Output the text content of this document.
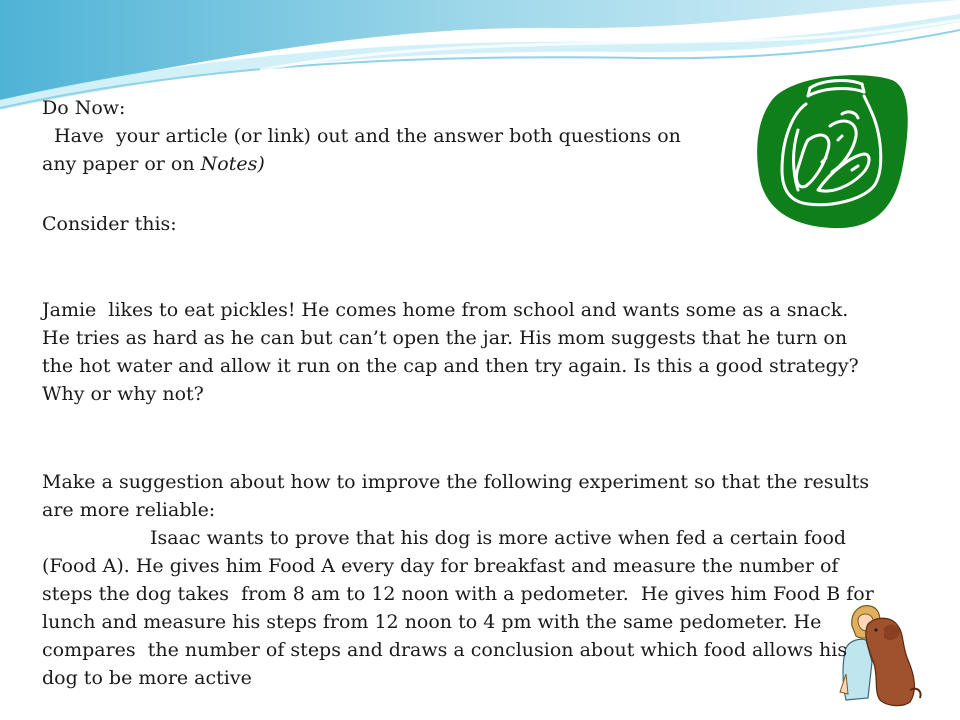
Do Now:

Have  your article (or link) out and the answer both questions on

any paper or on Notes)

Consider this:

Jamie  likes to eat pickles! He comes home from school and wants some as a snack.

He tries as hard as he can but can’t open the jar. His mom suggests that he turn on

the hot water and allow it run on the cap and then try again. Is this a good strategy?

Why or why not?

Make a suggestion about how to improve the following experiment so that the results

are more reliable:

Isaac wants to prove that his dog is more active when fed a certain food

(Food A). He gives him Food A every day for breakfast and measure the number of

steps the dog takes  from 8 am to 12 noon with a pedometer.  He gives him Food B for

lunch and measure his steps from 12 noon to 4 pm with the same pedometer. He

compares  the number of steps and draws a conclusion about which food allows his

dog to be more active
